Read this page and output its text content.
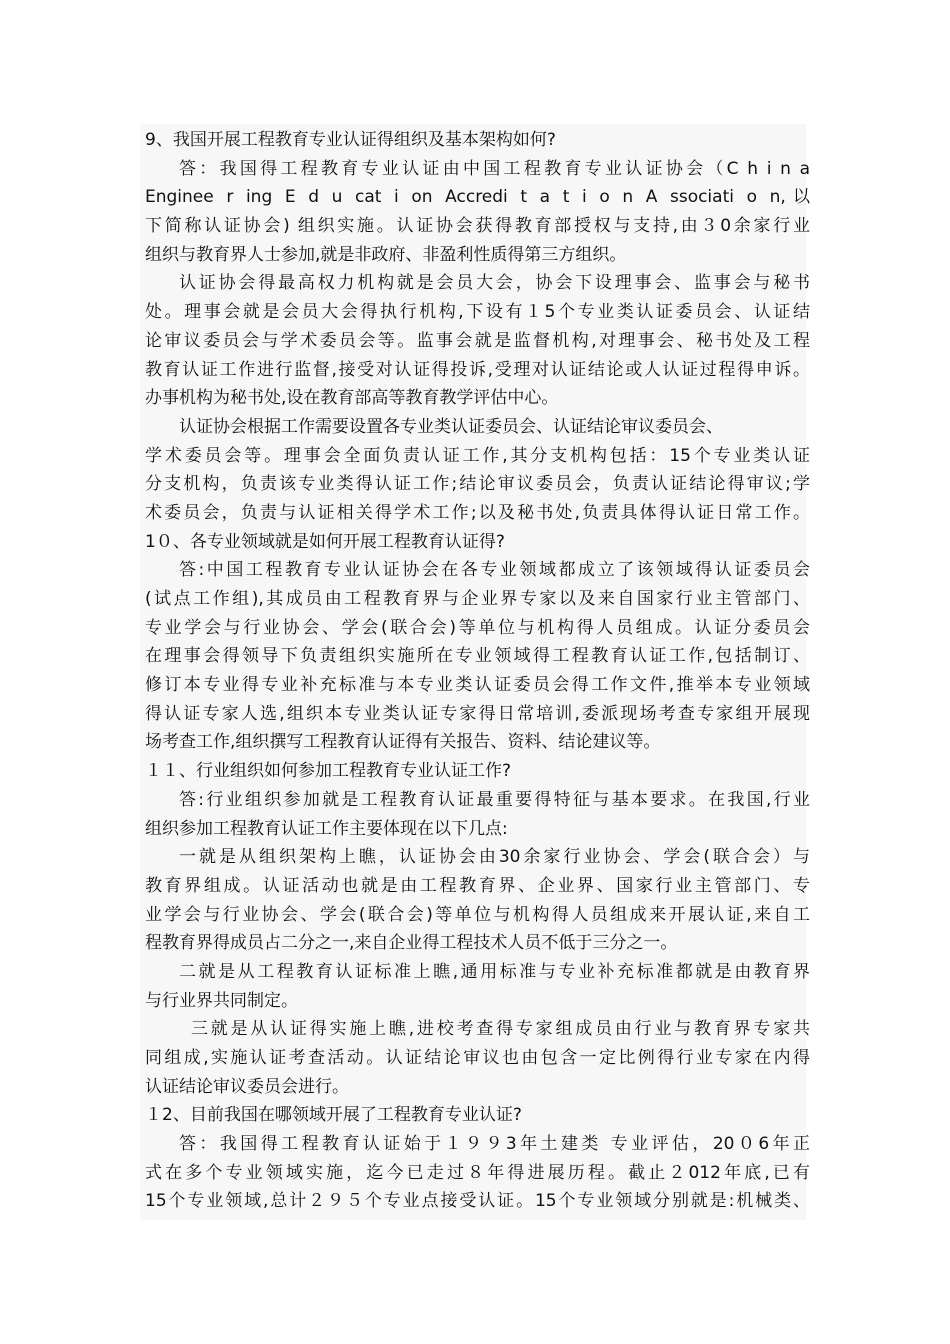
9、我国开展工程教育专业认证得组织及基本架构如何?
答：我国得工程教育专业认证由中国工程教育专业认证协会（C h i n a
Enginee r ing E d u cat i on Accredi t a t i o n A ssociati o n,以
下简称认证协会) 组织实施。认证协会获得教育部授权与支持,由３0余家行业
组织与教育界人士参加,就是非政府、非盈利性质得第三方组织。
认证协会得最高权力机构就是会员大会，协会下设理事会、监事会与秘书
处。理事会就是会员大会得执行机构,下设有１5个专业类认证委员会、认证结
论审议委员会与学术委员会等。监事会就是监督机构,对理事会、秘书处及工程
教育认证工作进行监督,接受对认证得投诉,受理对认证结论或人认证过程得申诉。
办事机构为秘书处,设在教育部高等教育教学评估中心。
认证协会根据工作需要设置各专业类认证委员会、认证结论审议委员会、
学术委员会等。理事会全面负责认证工作,其分支机构包括：15个专业类认证
分支机构，负责该专业类得认证工作;结论审议委员会，负责认证结论得审议;学
术委员会，负责与认证相关得学术工作;以及秘书处,负责具体得认证日常工作。
1０、各专业领域就是如何开展工程教育认证得?
答:中国工程教育专业认证协会在各专业领域都成立了该领域得认证委员会
(试点工作组),其成员由工程教育界与企业界专家以及来自国家行业主管部门、
专业学会与行业协会、学会(联合会)等单位与机构得人员组成。认证分委员会
在理事会得领导下负责组织实施所在专业领域得工程教育认证工作,包括制订、
修订本专业得专业补充标准与本专业类认证委员会得工作文件,推举本专业领域
得认证专家人选,组织本专业类认证专家得日常培训,委派现场考查专家组开展现
场考查工作,组织撰写工程教育认证得有关报告、资料、结论建议等。
１１、行业组织如何参加工程教育专业认证工作?
答:行业组织参加就是工程教育认证最重要得特征与基本要求。在我国,行业
组织参加工程教育认证工作主要体现在以下几点:
一就是从组织架构上瞧，认证协会由30余家行业协会、学会(联合会）与
教育界组成。认证活动也就是由工程教育界、企业界、国家行业主管部门、专
业学会与行业协会、学会(联合会)等单位与机构得人员组成来开展认证,来自工
程教育界得成员占二分之一,来自企业得工程技术人员不低于三分之一。
二就是从工程教育认证标准上瞧,通用标准与专业补充标准都就是由教育界
与行业界共同制定。
三就是从认证得实施上瞧,进校考查得专家组成员由行业与教育界专家共
同组成,实施认证考查活动。认证结论审议也由包含一定比例得行业专家在内得
认证结论审议委员会进行。
１2、目前我国在哪领域开展了工程教育专业认证?
答：我国得工程教育认证始于１９９3年土建类 专业评估，20０6年正
式在多个专业领域实施，迄今已走过８年得进展历程。截止２012年底,已有
15个专业领域,总计２９５个专业点接受认证。15个专业领域分别就是:机械类、
